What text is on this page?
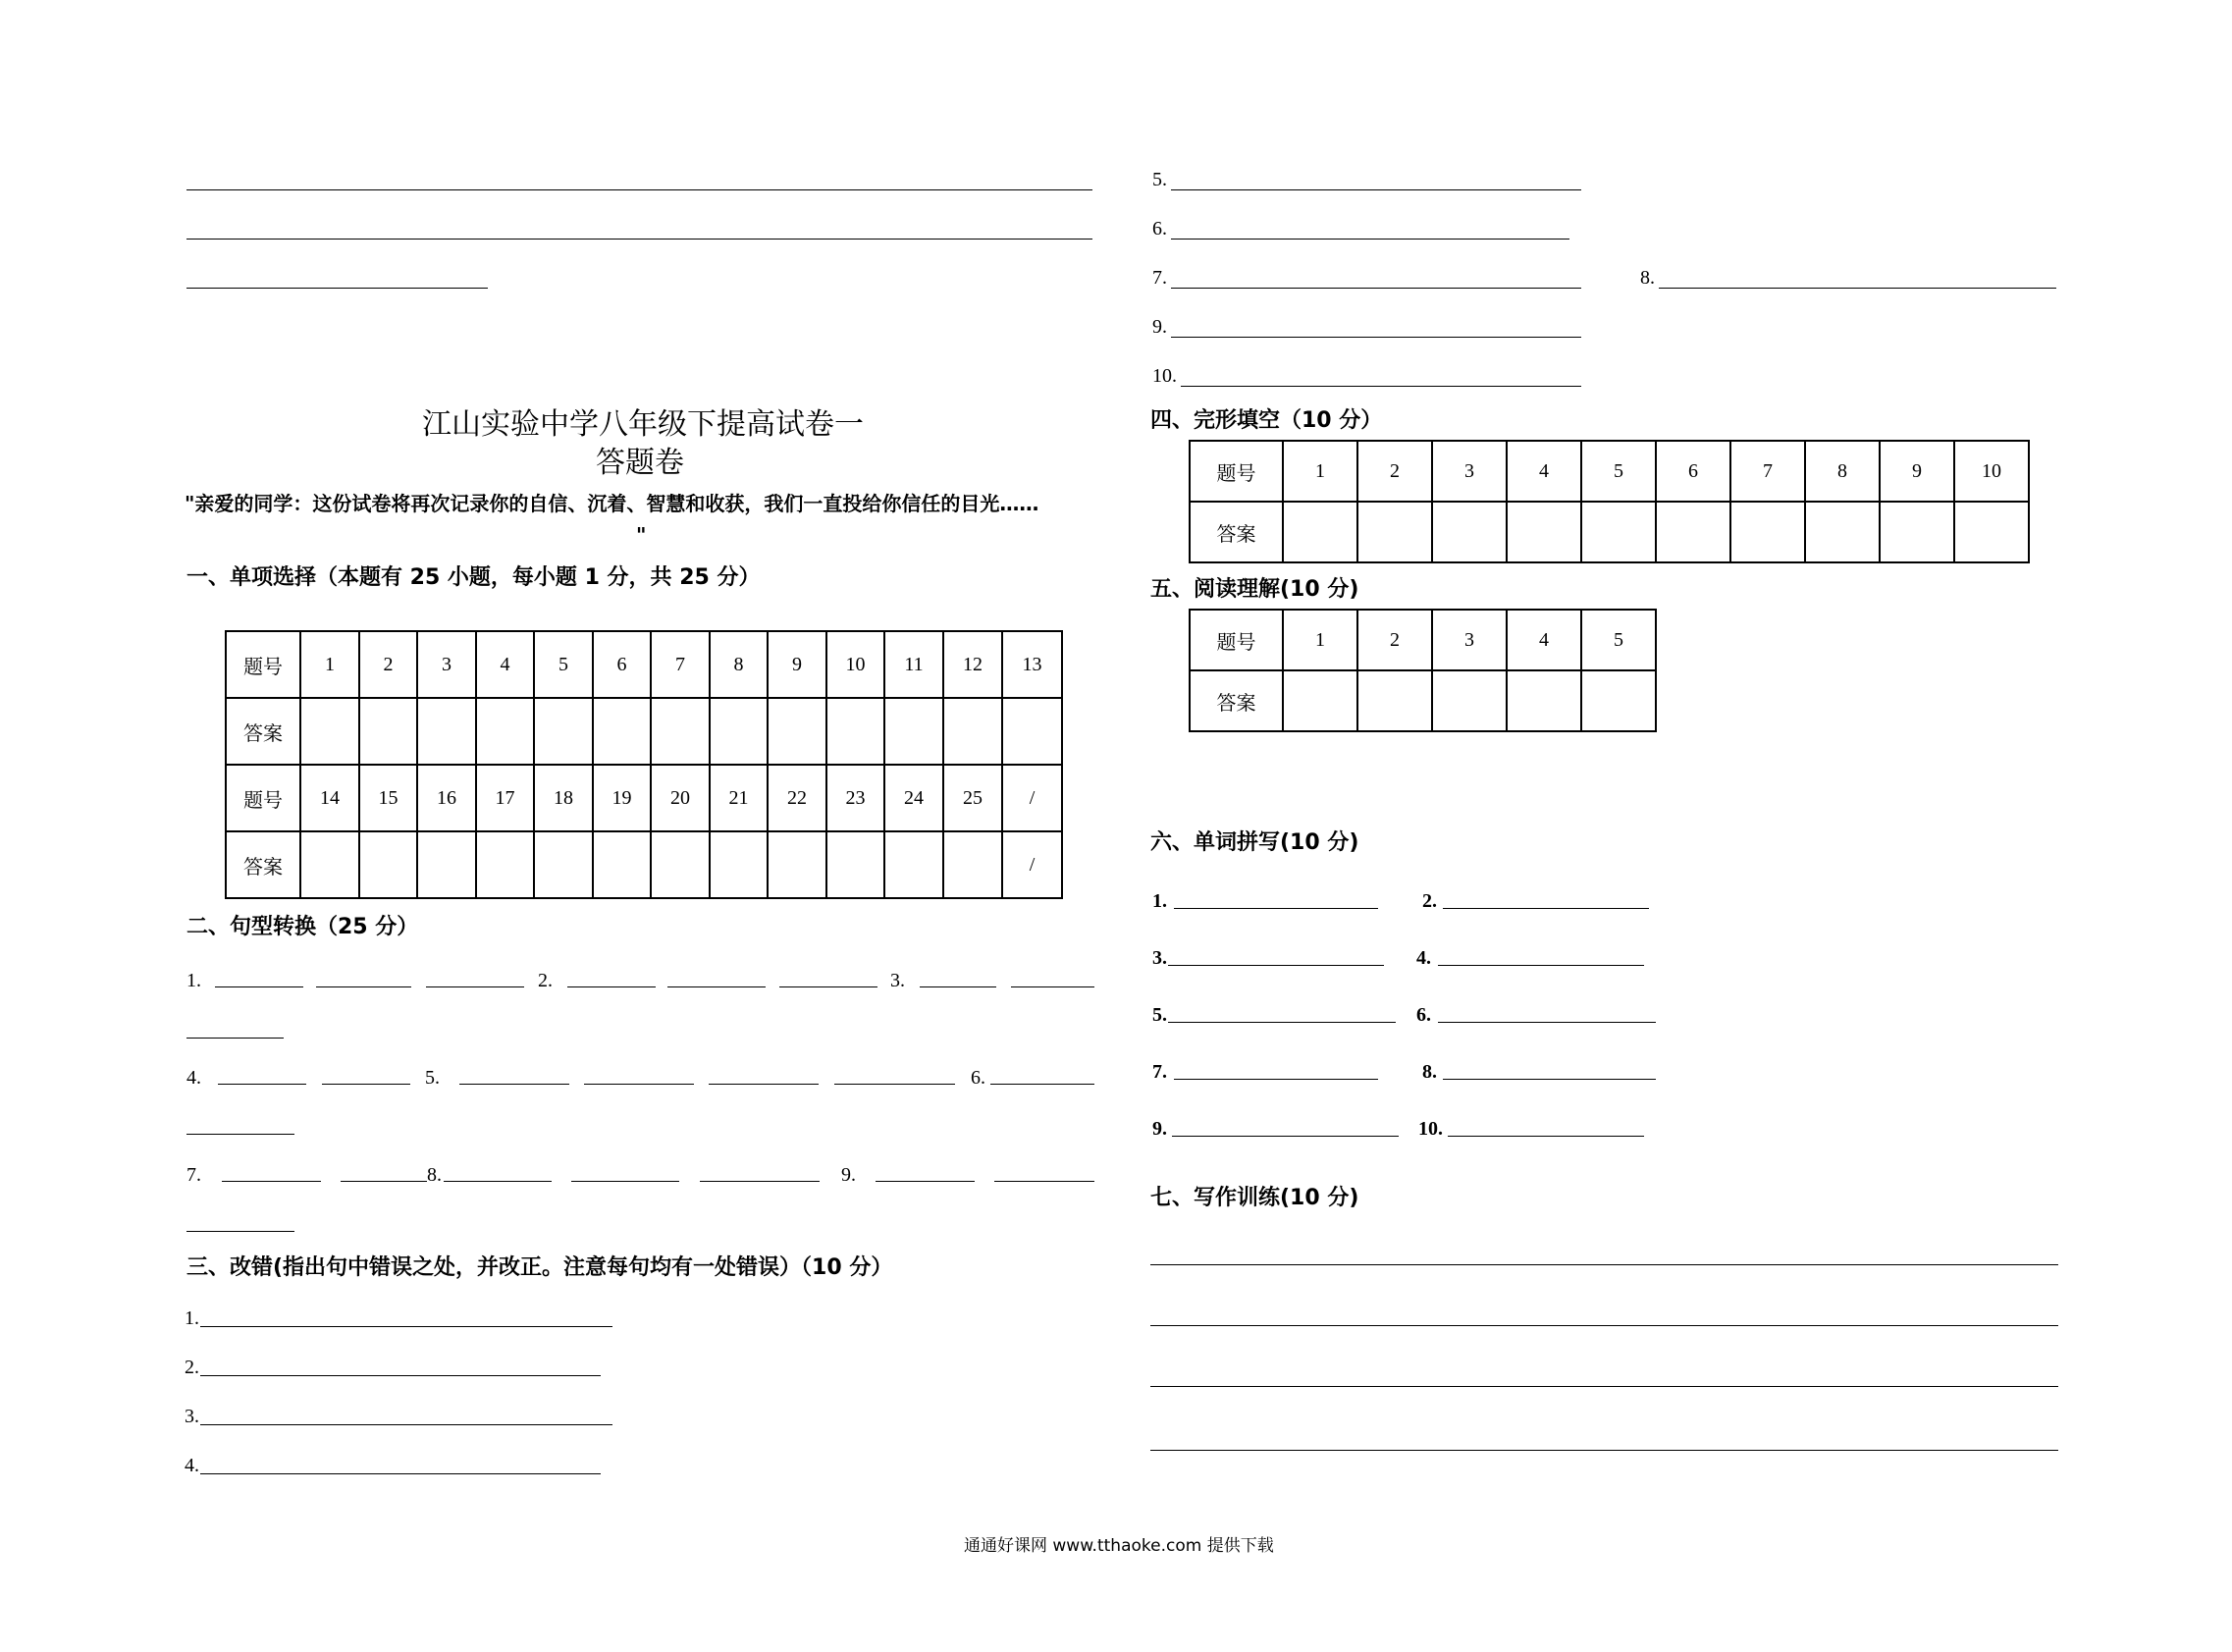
江山实验中学八年级下提高试卷一
答题卷
"亲爱的同学：这份试卷将再次记录你的自信、沉着、智慧和收获，我们一直投给你信任的目光……
"
一、单项选择（本题有 25 小题，每小题 1 分，共 25 分）
题号	1	2	3	4	5	6	7	8	9	10	11	12	13
答案													
题号	14	15	16	17	18	19	20	21	22	23	24	25	/
答案													/
二、句型转换（25 分）
1.	2.	3.
4.	5.	6.
7.	8.	9.
三、改错(指出句中错误之处，并改正。注意每句均有一处错误）（10 分）
1.
2.
3.
4.
5.
6.
7.	8.
9.
10.
四、完形填空（10 分）
题号	1	2	3	4	5	6	7	8	9	10
答案										
五、阅读理解(10 分)
题号	1	2	3	4	5
答案					
六、单词拼写(10 分)
1.	2.
3.	4.
5.	6.
7.	8.
9.	10.
七、写作训练(10 分)
通通好课网 www.tthaoke.com 提供下载
